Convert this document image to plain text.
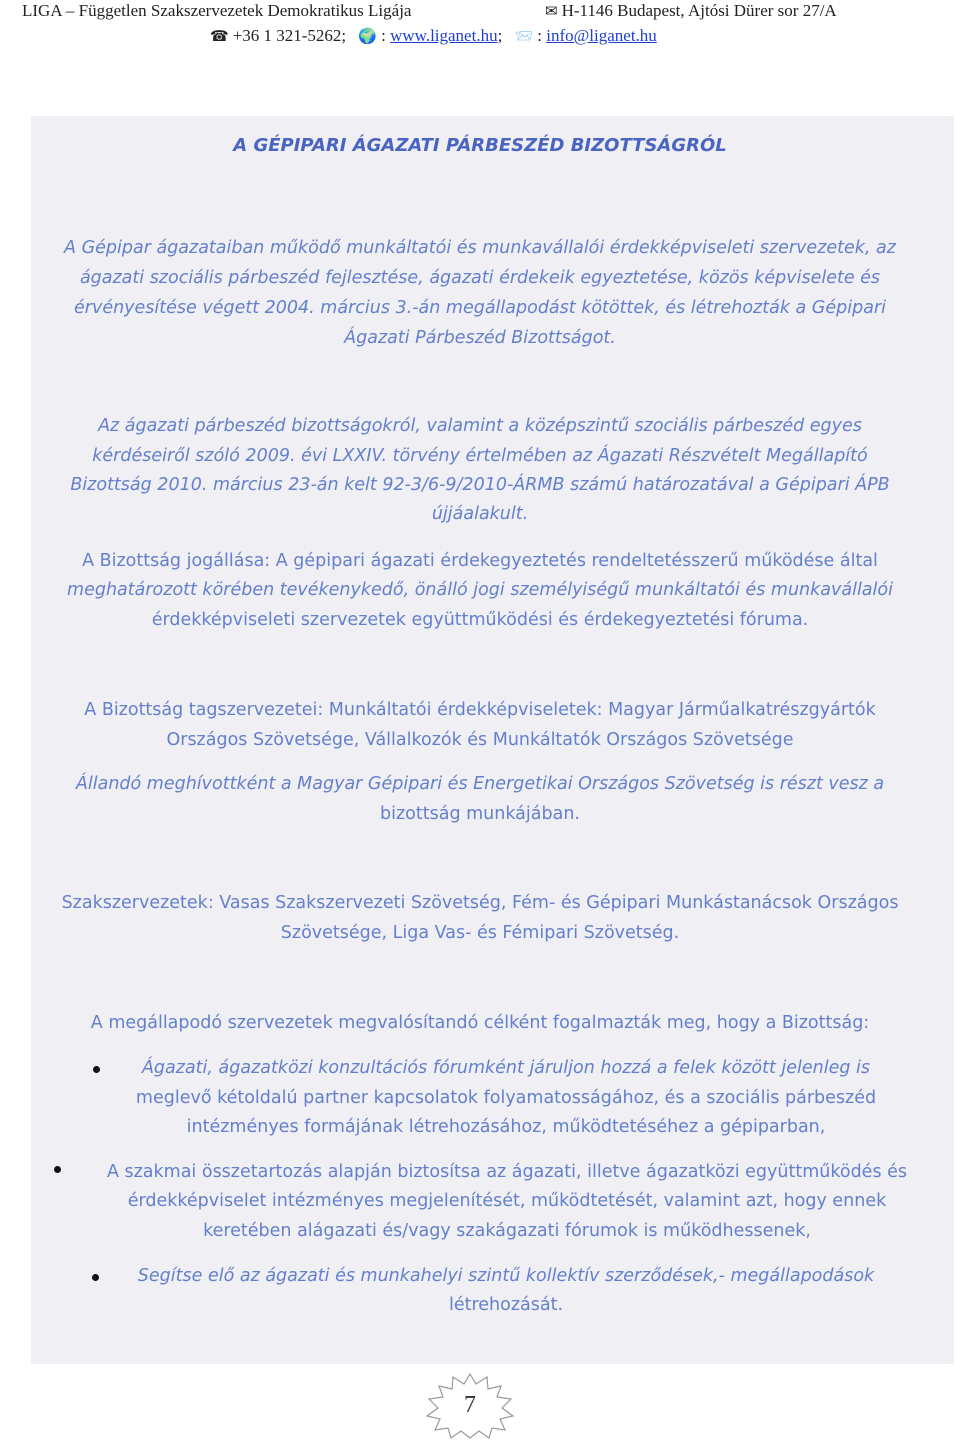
LIGA – Független Szakszervezetek Demokratikus Ligája	✉ H-1146 Budapest, Ajtósi Dürer sor 27/A
☎ +36 1 321-5262; 🌍 : www.liganet.hu; 📨 : info@liganet.hu
A GÉPIPARI ÁGAZATI PÁRBESZÉD BIZOTTSÁGRÓL
A Gépipar ágazataiban működő munkáltatói és munkavállalói érdekképviseleti szervezetek, az
ágazati szociális párbeszéd fejlesztése, ágazati érdekeik egyeztetése, közös képviselete és
érvényesítése végett 2004. március 3.-án megállapodást kötöttek, és létrehozták a Gépipari
Ágazati Párbeszéd Bizottságot.
Az ágazati párbeszéd bizottságokról, valamint a középszintű szociális párbeszéd egyes
kérdéseiről szóló 2009. évi LXXIV. törvény értelmében az Ágazati Részvételt Megállapító
Bizottság 2010. március 23-án kelt 92-3/6-9/2010-ÁRMB számú határozatával a Gépipari ÁPB
újjáalakult.
A Bizottság jogállása: A gépipari ágazati érdekegyeztetés rendeltetésszerű működése által
meghatározott körében tevékenykedő, önálló jogi személyiségű munkáltatói és munkavállalói
érdekképviseleti szervezetek együttműködési és érdekegyeztetési fóruma.
A Bizottság tagszervezetei: Munkáltatói érdekképviseletek: Magyar Járműalkatrészgyártók
Országos Szövetsége, Vállalkozók és Munkáltatók Országos Szövetsége
Állandó meghívottként a Magyar Gépipari és Energetikai Országos Szövetség is részt vesz a
bizottság munkájában.
Szakszervezetek: Vasas Szakszervezeti Szövetség, Fém- és Gépipari Munkástanácsok Országos
Szövetsége, Liga Vas- és Fémipari Szövetség.
A megállapodó szervezetek megvalósítandó célként fogalmazták meg, hogy a Bizottság:
Ágazati, ágazatközi konzultációs fórumként járuljon hozzá a felek között jelenleg is
meglevő kétoldalú partner kapcsolatok folyamatosságához, és a szociális párbeszéd
intézményes formájának létrehozásához, működtetéséhez a gépiparban,
A szakmai összetartozás alapján biztosítsa az ágazati, illetve ágazatközi együttműködés és
érdekképviselet intézményes megjelenítését, működtetését, valamint azt, hogy ennek
keretében alágazati és/vagy szakágazati fórumok is működhessenek,
Segítse elő az ágazati és munkahelyi szintű kollektív szerződések,- megállapodások
létrehozását.
7
